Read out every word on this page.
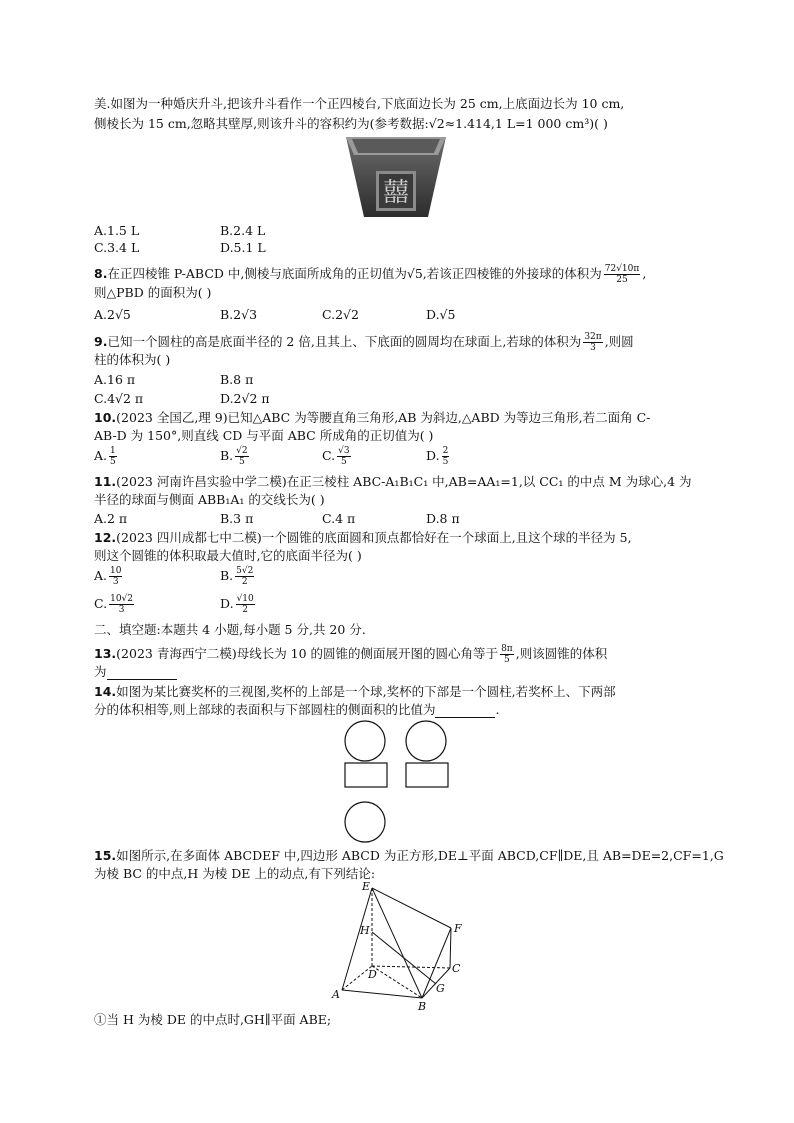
美.如图为一种婚庆升斗,把该升斗看作一个正四棱台,下底面边长为 25 cm,上底面边长为 10 cm,
侧棱长为 15 cm,忽略其壁厚,则该升斗的容积约为(参考数据:√2≈1.414,1 L=1 000 cm³)( )
囍
A.1.5 L	B.2.4 L
C.3.4 L	D.5.1 L
8.在正四棱锥 P-ABCD 中,侧棱与底面所成角的正切值为√5,若该正四棱锥的外接球的体积为 $\frac{72√10\pi}{25}$ ,
则△PBD 的面积为( )
A.2√5	B.2√3	C.2√2	D.√5
9.已知一个圆柱的高是底面半径的 2 倍,且其上、下底面的圆周均在球面上,若球的体积为 $\frac{32\pi}{3}$ ,则圆
柱的体积为( )
A.16 π	B.8 π
C.4√2 π	D.2√2 π
10.(2023 全国乙,理 9)已知△ABC 为等腰直角三角形,AB 为斜边,△ABD 为等边三角形,若二面角 C-
AB-D 为 150°,则直线 CD 与平面 ABC 所成角的正切值为( )
A. $\frac{1}{5}$	B. $\frac{√2}{5}$	C. $\frac{√3}{5}$	D. $\frac{2}{5}$
11.(2023 河南许昌实验中学二模)在正三棱柱 ABC-A₁B₁C₁ 中,AB=AA₁=1,以 CC₁ 的中点 M 为球心,4 为
半径的球面与侧面 ABB₁A₁ 的交线长为( )
A.2 π	B.3 π	C.4 π	D.8 π
12.(2023 四川成都七中二模)一个圆锥的底面圆和顶点都恰好在一个球面上,且这个球的半径为 5,
则这个圆锥的体积取最大值时,它的底面半径为( )
A. $\frac{10}{3}$	B. $\frac{5√2}{2}$
C. $\frac{10√2}{3}$	D. $\frac{√10}{2}$
二、填空题:本题共 4 小题,每小题 5 分,共 20 分.
13.(2023 青海西宁二模)母线长为 10 的圆锥的侧面展开图的圆心角等于 $\frac{8\pi}{5}$ ,则该圆锥的体积
为
14.如图为某比赛奖杯的三视图,奖杯的上部是一个球,奖杯的下部是一个圆柱,若奖杯上、下两部
分的体积相等,则上部球的表面积与下部圆柱的侧面积的比值为	.
15.如图所示,在多面体 ABCDEF 中,四边形 ABCD 为正方形,DE⊥平面 ABCD,CF∥DE,且 AB=DE=2,CF=1,G
为棱 BC 的中点,H 为棱 DE 上的动点,有下列结论:
E
H	F
C
D
A
B
G
①当 H 为棱 DE 的中点时,GH∥平面 ABE;
